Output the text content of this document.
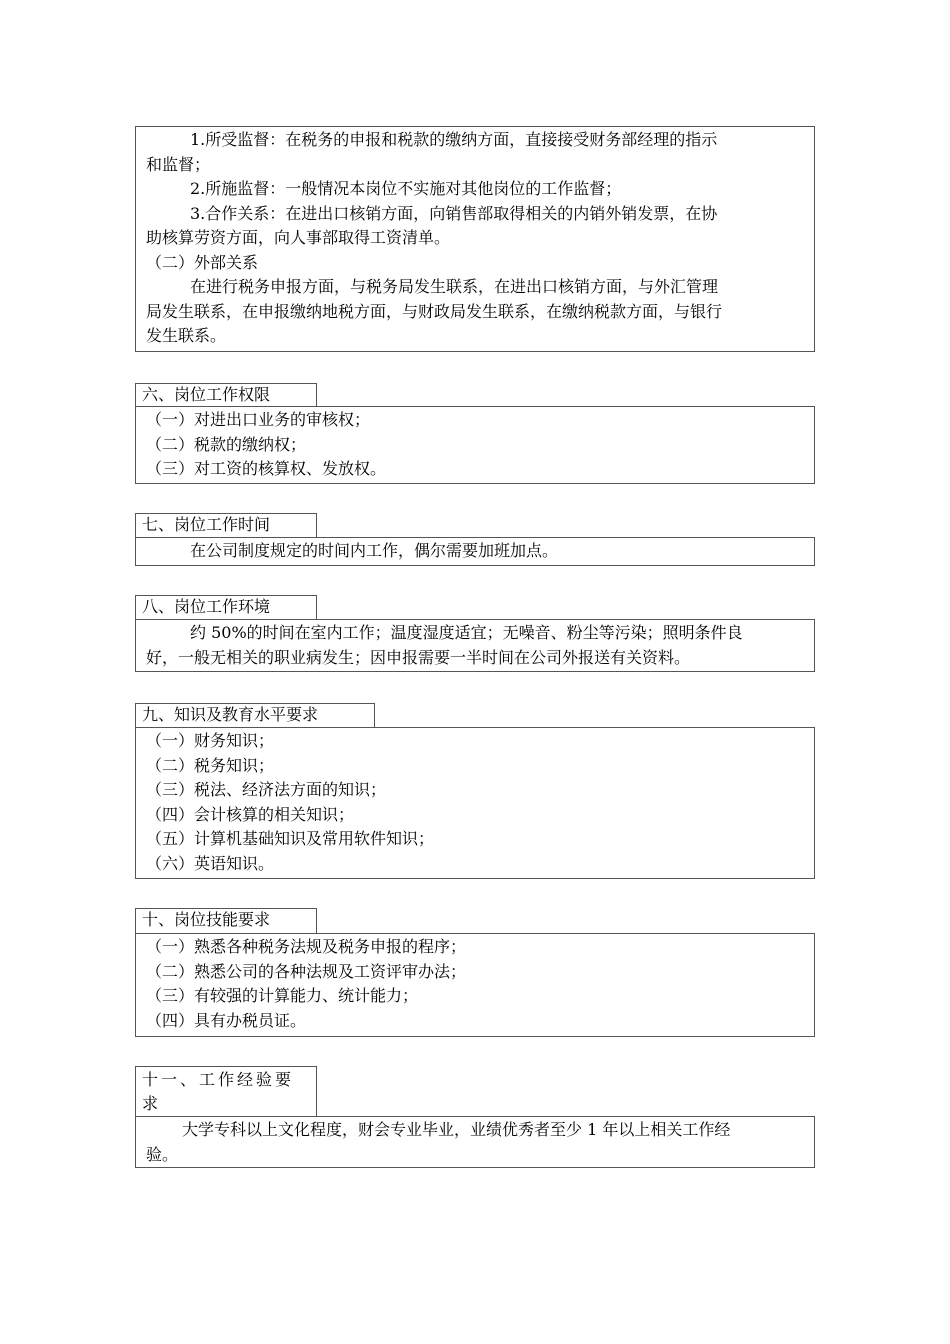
1.所受监督：在税务的申报和税款的缴纳方面，直接接受财务部经理的指示
和监督；
2.所施监督：一般情况本岗位不实施对其他岗位的工作监督；
3.合作关系：在进出口核销方面，向销售部取得相关的内销外销发票，在协
助核算劳资方面，向人事部取得工资清单。
（二）外部关系
在进行税务申报方面，与税务局发生联系，在进出口核销方面，与外汇管理
局发生联系，在申报缴纳地税方面，与财政局发生联系，在缴纳税款方面，与银行
发生联系。
六、岗位工作权限
（一）对进出口业务的审核权；
（二）税款的缴纳权；
（三）对工资的核算权、发放权。
七、岗位工作时间
在公司制度规定的时间内工作，偶尔需要加班加点。
八、岗位工作环境
约 50%的时间在室内工作；温度湿度适宜；无噪音、粉尘等污染；照明条件良
好，一般无相关的职业病发生；因申报需要一半时间在公司外报送有关资料。
九、知识及教育水平要求
（一）财务知识；
（二）税务知识；
（三）税法、经济法方面的知识；
（四）会计核算的相关知识；
（五）计算机基础知识及常用软件知识；
（六）英语知识。
十、岗位技能要求
（一）熟悉各种税务法规及税务申报的程序；
（二）熟悉公司的各种法规及工资评审办法；
（三）有较强的计算能力、统计能力；
（四）具有办税员证。
十一、工作经验要
求
大学专科以上文化程度，财会专业毕业，业绩优秀者至少 1 年以上相关工作经
验。
